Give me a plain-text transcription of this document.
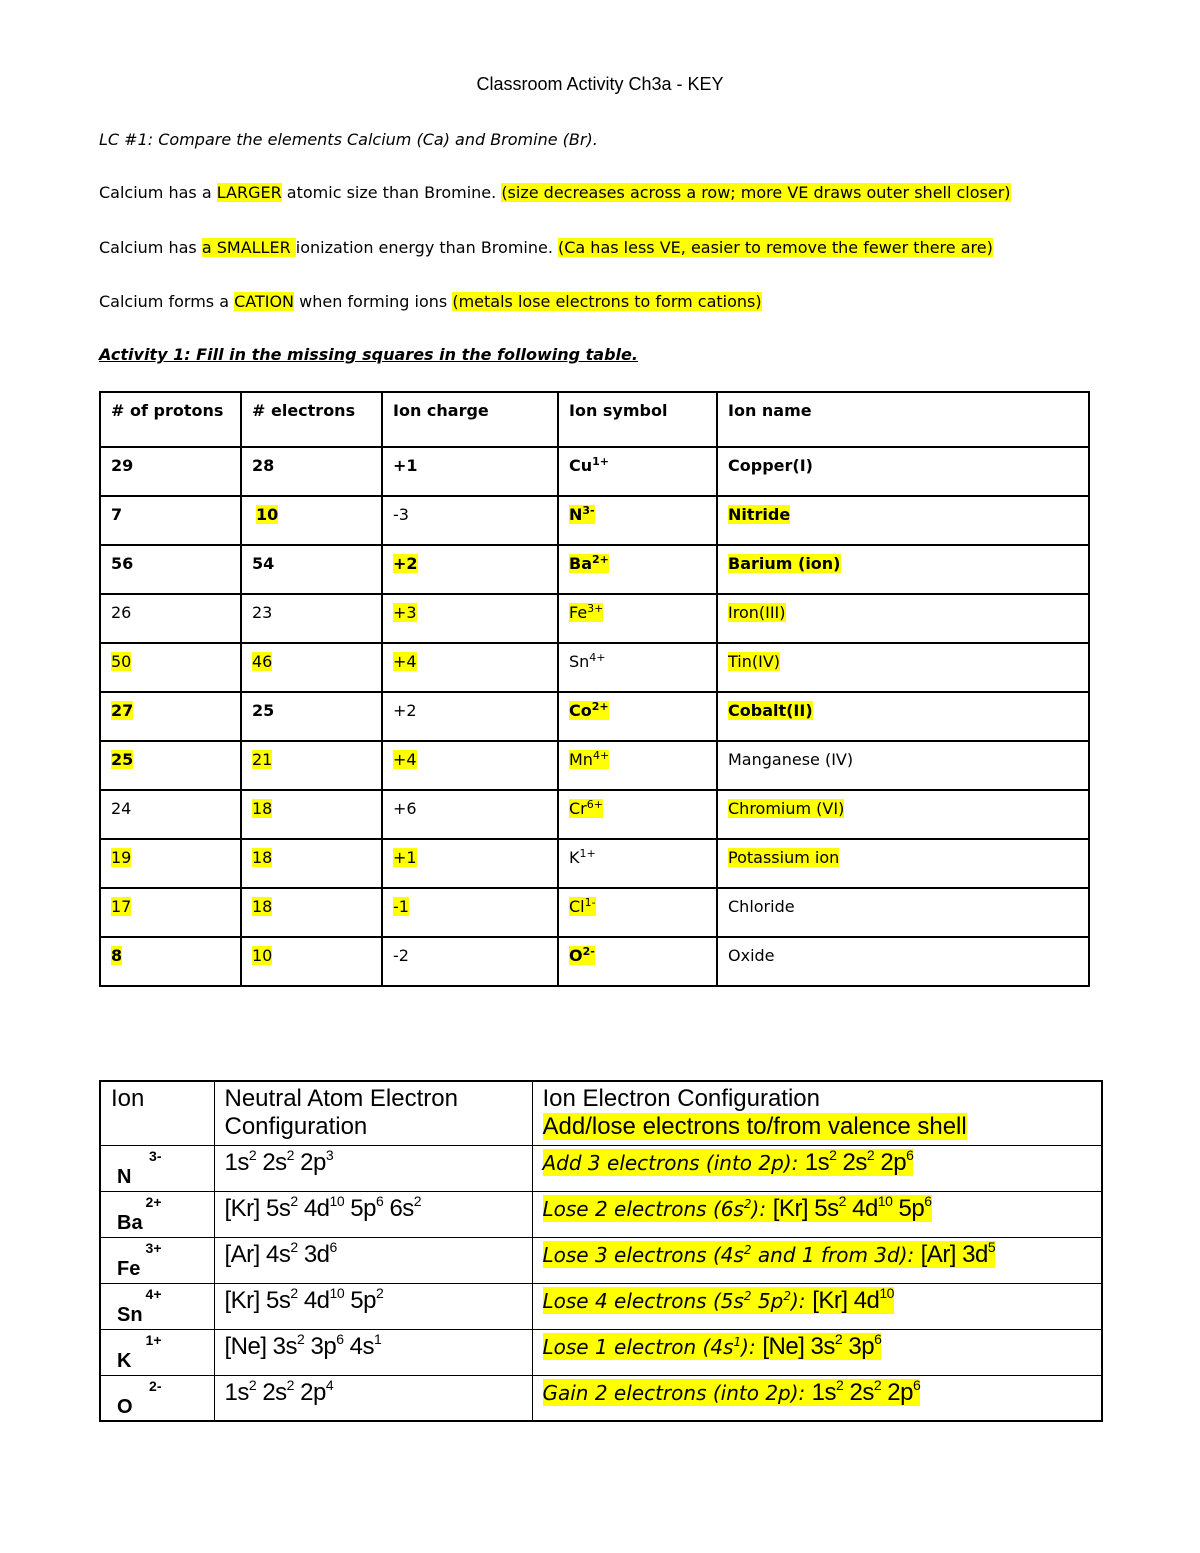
Classroom Activity Ch3a - KEY
LC #1: Compare the elements Calcium (Ca) and Bromine (Br).
Calcium has a LARGER atomic size than Bromine. (size decreases across a row; more VE draws outer shell closer)
Calcium has a SMALLER ionization energy than Bromine. (Ca has less VE, easier to remove the fewer there are)
Calcium forms a CATION when forming ions (metals lose electrons to form cations)
Activity 1: Fill in the missing squares in the following table.
# of protons	# electrons	Ion charge	Ion symbol	Ion name
29	28	+1	$Cu^{1+}$	Copper(I)
7	10	-3	$N^{3-}$	Nitride
56	54	+2	$Ba^{2+}$	Barium (ion)
26	23	+3	$Fe^{3+}$	Iron(III)
50	46	+4	$Sn^{4+}$	Tin(IV)
27	25	+2	$Co^{2+}$	Cobalt(II)
25	21	+4	$Mn^{4+}$	Manganese (IV)
24	18	+6	$Cr^{6+}$	Chromium (VI)
19	18	+1	$K^{1+}$	Potassium ion
17	18	-1	$Cl^{1-}$	Chloride
8	10	-2	$O^{2-}$	Oxide
Ion	Neutral Atom Electron
Configuration	Ion Electron Configuration
Add/lose electrons to/from valence shell

3-
N	$1s^2$ $2s^2$ $2p^3$	Add 3 electrons (into 2p): $1s^2$ $2s^2$ $2p^6$

2+
Ba	[Kr] $5s^2$ $4d^{10}$ $5p^6$ $6s^2$	Lose 2 electrons $(6s^2)$: [Kr] $5s^2$ $4d^{10}$ $5p^6$

3+
Fe	[Ar] $4s^2$ $3d^6$	Lose 3 electrons ($4s^2$ and 1 from 3d): [Ar] $3d^5$

4+
Sn	[Kr] $5s^2$ $4d^{10}$ $5p^2$	Lose 4 electrons ($5s^2$ $5p^2$): [Kr] $4d^{10}$

1+
K	[Ne] $3s^2$ $3p^6$ $4s^1$	Lose 1 electron $(4s^1)$: [Ne] $3s^2$ $3p^6$

2-
O	$1s^2$ $2s^2$ $2p^4$	Gain 2 electrons (into 2p): $1s^2$ $2s^2$ $2p^6$
